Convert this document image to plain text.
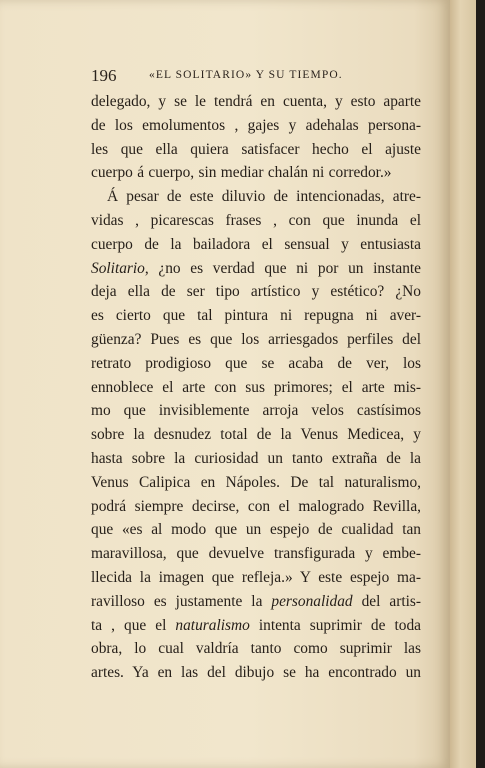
196	«EL SOLITARIO» Y SU TIEMPO.
delegado, y se le tendrá en cuenta, y esto aparte
de los emolumentos , gajes y adehalas persona-
les que ella quiera satisfacer hecho el ajuste
cuerpo á cuerpo, sin mediar chalán ni corredor.»
Á pesar de este diluvio de intencionadas, atre-
vidas , picarescas frases , con que inunda el
cuerpo de la bailadora el sensual y entusiasta
Solitario, ¿no es verdad que ni por un instante
deja ella de ser tipo artístico y estético? ¿No
es cierto que tal pintura ni repugna ni aver-
güenza? Pues es que los arriesgados perfiles del
retrato prodigioso que se acaba de ver, los
ennoblece el arte con sus primores; el arte mis-
mo que invisiblemente arroja velos castísimos
sobre la desnudez total de la Venus Medicea, y
hasta sobre la curiosidad un tanto extraña de la
Venus Calipica en Nápoles. De tal naturalismo,
podrá siempre decirse, con el malogrado Revilla,
que «es al modo que un espejo de cualidad tan
maravillosa, que devuelve transfigurada y embe-
llecida la imagen que refleja.» Y este espejo ma-
ravilloso es justamente la personalidad del artis-
ta , que el naturalismo intenta suprimir de toda
obra, lo cual valdría tanto como suprimir las
artes. Ya en las del dibujo se ha encontrado un
